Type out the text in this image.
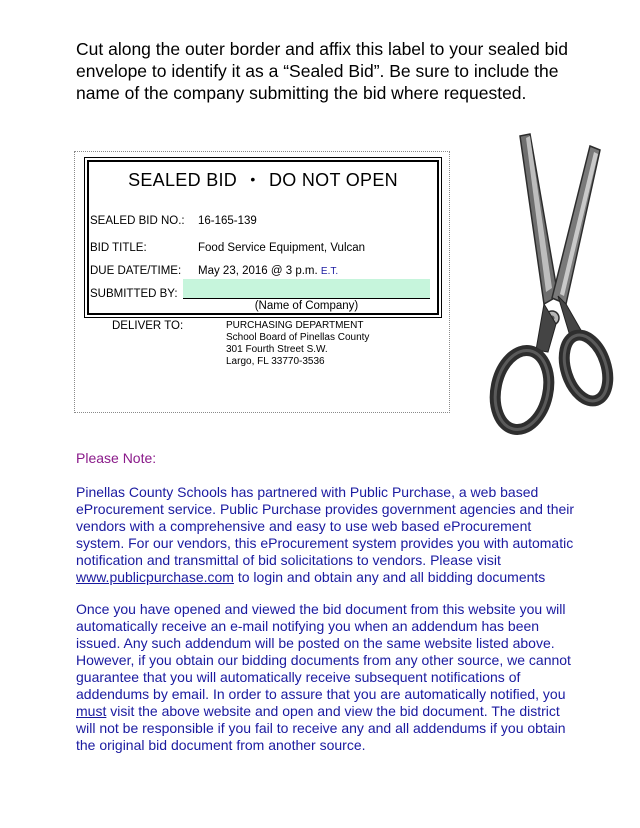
Cut along the outer border and affix this label to your sealed bid envelope to identify it as a “Sealed Bid”. Be sure to include the name of the company submitting the bid where requested.
SEALED BID • DO NOT OPEN
SEALED BID NO.: 16-165-139
BID TITLE:	Food Service Equipment, Vulcan
DUE DATE/TIME: May 23, 2016 @ 3 p.m. E.T.
SUBMITTED BY:
(Name of Company)
DELIVER TO:	PURCHASING DEPARTMENT
School Board of Pinellas County
301 Fourth Street S.W.
Largo, FL 33770-3536
Please Note:
Pinellas County Schools has partnered with Public Purchase, a web based eProcurement service. Public Purchase provides government agencies and their vendors with a comprehensive and easy to use web based eProcurement system. For our vendors, this eProcurement system provides you with automatic notification and transmittal of bid solicitations to vendors. Please visit www.publicpurchase.com to login and obtain any and all bidding documents
Once you have opened and viewed the bid document from this website you will automatically receive an e-mail notifying you when an addendum has been issued. Any such addendum will be posted on the same website listed above. However, if you obtain our bidding documents from any other source, we cannot guarantee that you will automatically receive subsequent notifications of addendums by email. In order to assure that you are automatically notified, you must visit the above website and open and view the bid document. The district will not be responsible if you fail to receive any and all addendums if you obtain the original bid document from another source.
